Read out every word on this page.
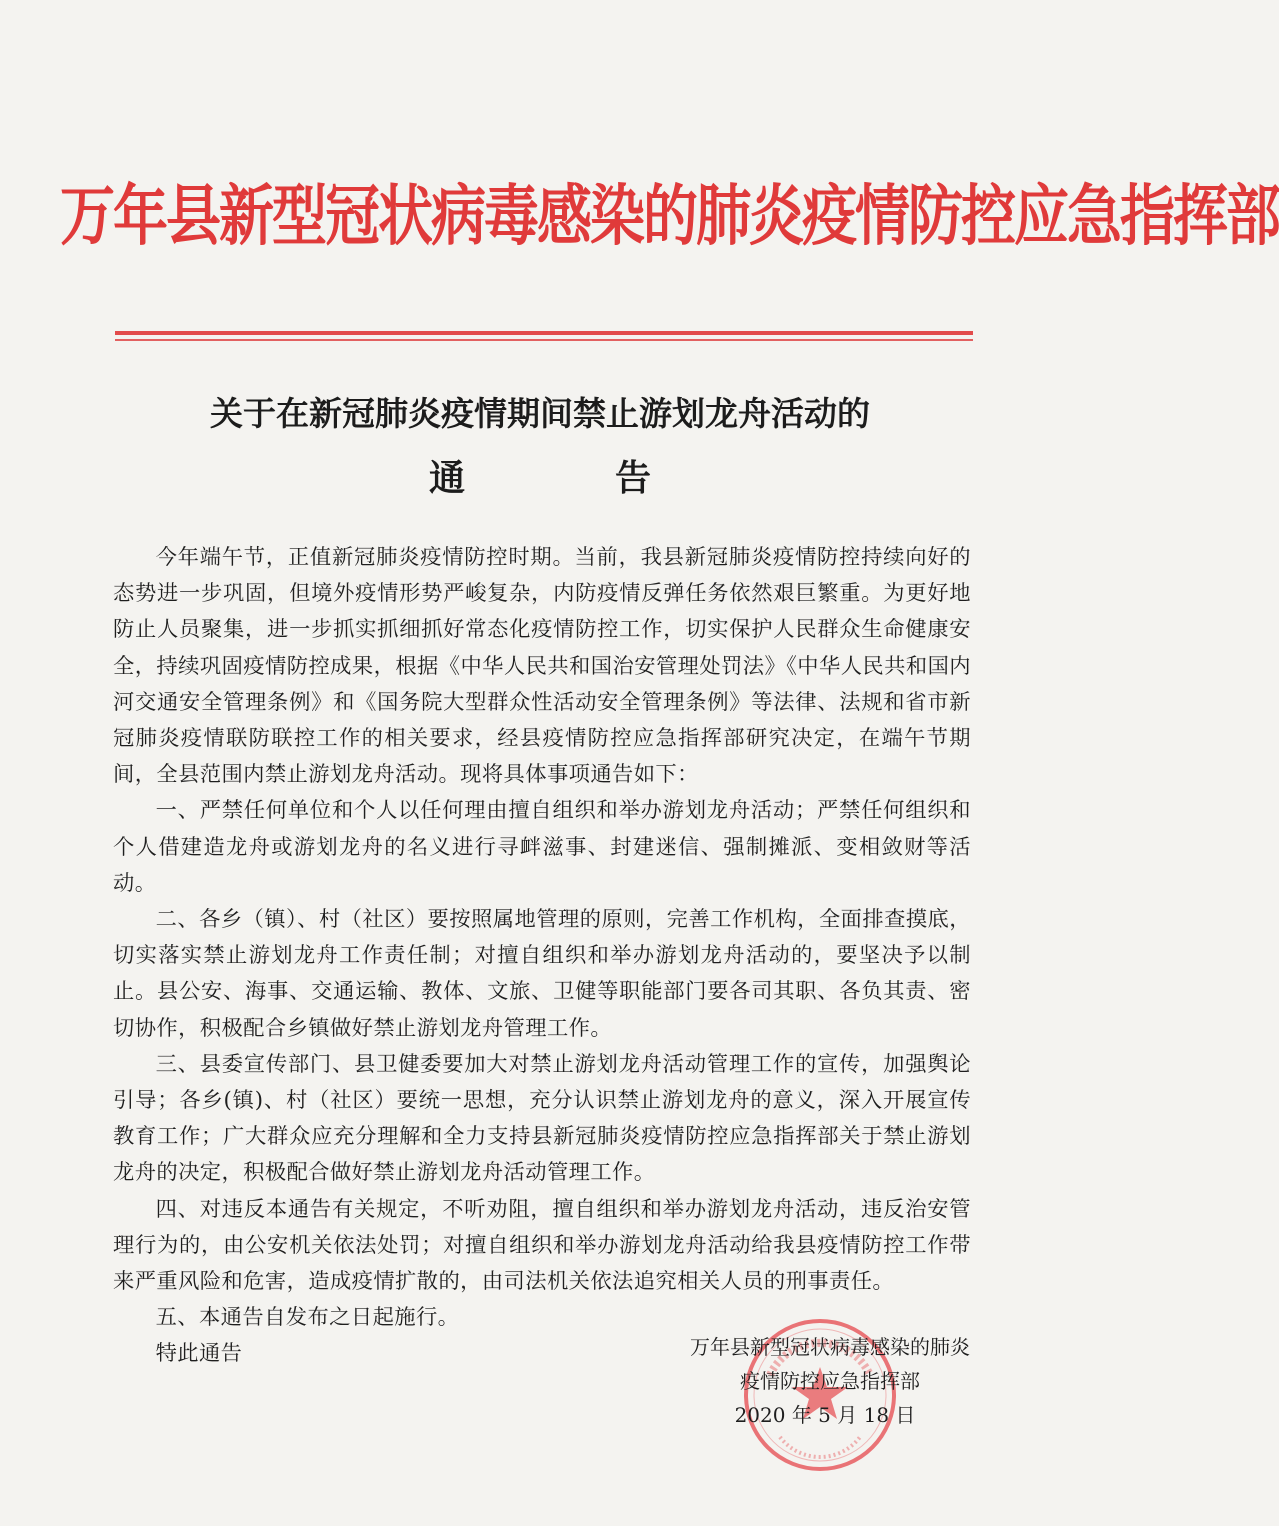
万年县新型冠状病毒感染的肺炎疫情防控应急指挥部
关于在新冠肺炎疫情期间禁止游划龙舟活动的
通告

今年端午节，正值新冠肺炎疫情防控时期。当前，我县新冠肺炎疫情防控持续向好的态势进一步巩固，但境外疫情形势严峻复杂，内防疫情反弹任务依然艰巨繁重。为更好地防止人员聚集，进一步抓实抓细抓好常态化疫情防控工作，切实保护人民群众生命健康安全，持续巩固疫情防控成果，根据《中华人民共和国治安管理处罚法》《中华人民共和国内河交通安全管理条例》和《国务院大型群众性活动安全管理条例》等法律、法规和省市新冠肺炎疫情联防联控工作的相关要求，经县疫情防控应急指挥部研究决定，在端午节期间，全县范围内禁止游划龙舟活动。现将具体事项通告如下：

一、严禁任何单位和个人以任何理由擅自组织和举办游划龙舟活动；严禁任何组织和个人借建造龙舟或游划龙舟的名义进行寻衅滋事、封建迷信、强制摊派、变相敛财等活动。

二、各乡（镇）、村（社区）要按照属地管理的原则，完善工作机构，全面排查摸底，切实落实禁止游划龙舟工作责任制；对擅自组织和举办游划龙舟活动的，要坚决予以制止。县公安、海事、交通运输、教体、文旅、卫健等职能部门要各司其职、各负其责、密切协作，积极配合乡镇做好禁止游划龙舟管理工作。

三、县委宣传部门、县卫健委要加大对禁止游划龙舟活动管理工作的宣传，加强舆论引导；各乡(镇)、村（社区）要统一思想，充分认识禁止游划龙舟的意义，深入开展宣传教育工作；广大群众应充分理解和全力支持县新冠肺炎疫情防控应急指挥部关于禁止游划龙舟的决定，积极配合做好禁止游划龙舟活动管理工作。

四、对违反本通告有关规定，不听劝阻，擅自组织和举办游划龙舟活动，违反治安管理行为的，由公安机关依法处罚；对擅自组织和举办游划龙舟活动给我县疫情防控工作带来严重风险和危害，造成疫情扩散的，由司法机关依法追究相关人员的刑事责任。

五、本通告自发布之日起施行。

特此通告	万年县新型冠状病毒感染的肺炎
疫情防控应急指挥部
2020 年 5 月 18 日
